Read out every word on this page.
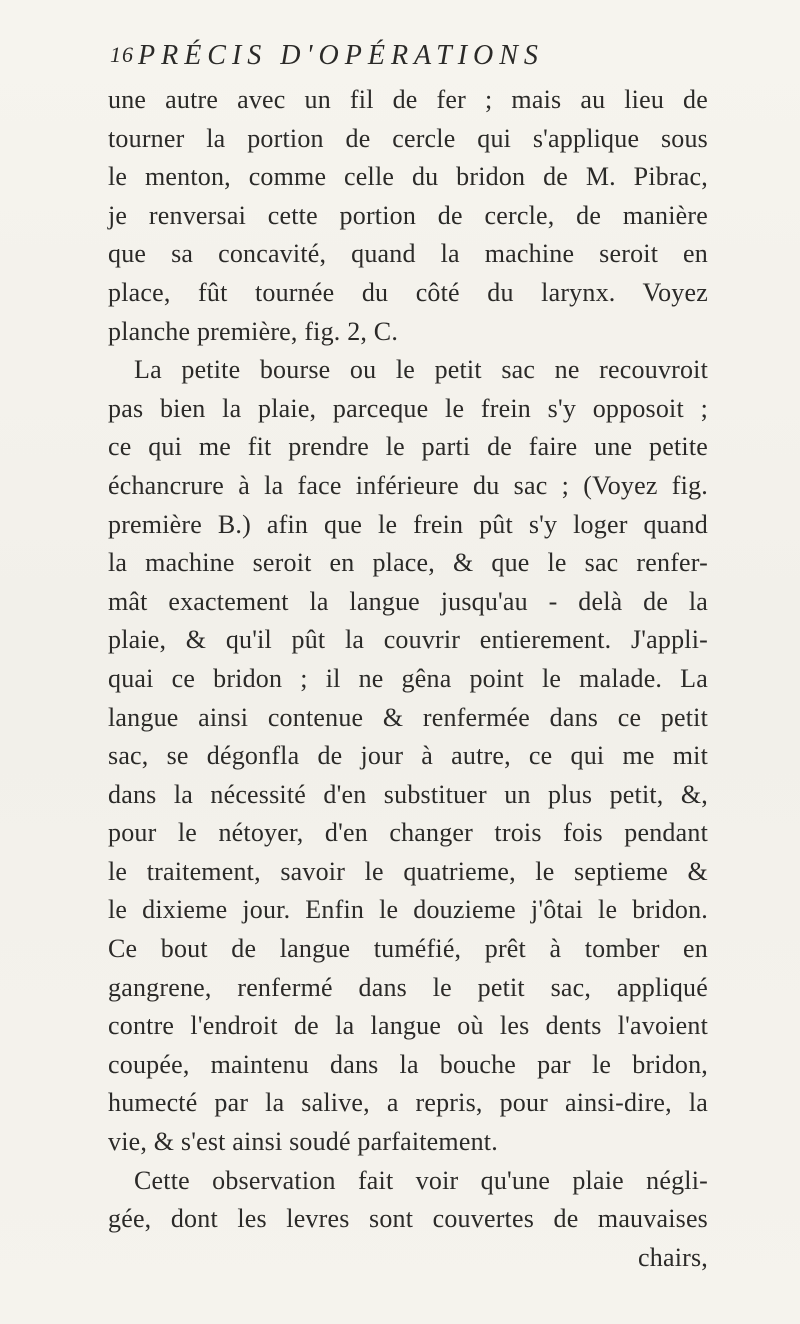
16 PRÉCIS D'OPÉRATIONS
une autre avec un fil de fer ; mais au lieu de
tourner la portion de cercle qui s'applique sous
le menton, comme celle du bridon de M. Pibrac,
je renversai cette portion de cercle, de manière
que sa concavité, quand la machine seroit en
place, fût tournée du côté du larynx. Voyez
planche première, fig. 2, C.
La petite bourse ou le petit sac ne recouvroit
pas bien la plaie, parceque le frein s'y opposoit ;
ce qui me fit prendre le parti de faire une petite
échancrure à la face inférieure du sac ; (Voyez fig.
première B.) afin que le frein pût s'y loger quand
la machine seroit en place, & que le sac renfer-
mât exactement la langue jusqu'au - delà de la
plaie, & qu'il pût la couvrir entierement. J'appli-
quai ce bridon ; il ne gêna point le malade. La
langue ainsi contenue & renfermée dans ce petit
sac, se dégonfla de jour à autre, ce qui me mit
dans la nécessité d'en substituer un plus petit, &,
pour le nétoyer, d'en changer trois fois pendant
le traitement, savoir le quatrieme, le septieme &
le dixieme jour. Enfin le douzieme j'ôtai le bridon.
Ce bout de langue tuméfié, prêt à tomber en
gangrene, renfermé dans le petit sac, appliqué
contre l'endroit de la langue où les dents l'avoient
coupée, maintenu dans la bouche par le bridon,
humecté par la salive, a repris, pour ainsi-dire, la
vie, & s'est ainsi soudé parfaitement.
Cette observation fait voir qu'une plaie négli-
gée, dont les levres sont couvertes de mauvaises
chairs,
